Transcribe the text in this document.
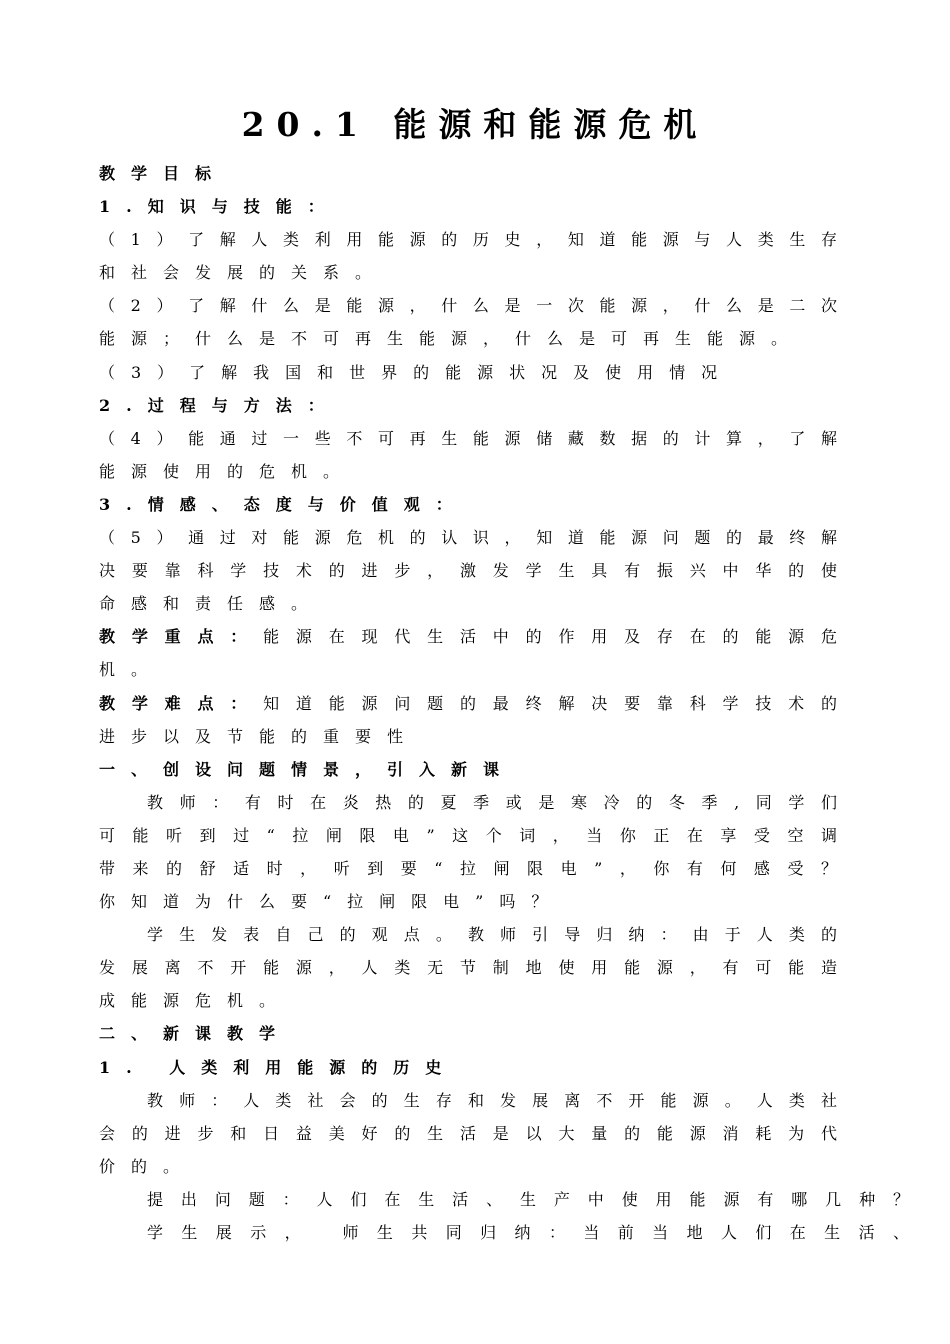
20.1 能源和能源危机
教学目标
1.知识与技能：
（1）了解人类利用能源的历史，知道能源与人类生存
和社会发展的关系。
（2）了解什么是能源，什么是一次能源，什么是二次
能源；什么是不可再生能源，什么是可再生能源。
（3）了解我国和世界的能源状况及使用情况
2.过程与方法：
（4）能通过一些不可再生能源储藏数据的计算，了解
能源使用的危机。
3.情感、态度与价值观：
（5）通过对能源危机的认识，知道能源问题的最终解
决要靠科学技术的进步，激发学生具有振兴中华的使
命感和责任感。
教学重点：能源在现代生活中的作用及存在的能源危
机。
教学难点：知道能源问题的最终解决要靠科学技术的
进步以及节能的重要性
一、创设问题情景，引入新课
教师：有时在炎热的夏季或是寒冷的冬季,同学们
可能听到过“拉闸限电”这个词，当你正在享受空调
带来的舒适时，听到要“拉闸限电”，你有何感受？
你知道为什么要“拉闸限电”吗？
学生发表自己的观点。教师引导归纳：由于人类的
发展离不开能源，人类无节制地使用能源，有可能造
成能源危机。
二、新课教学
1. 人类利用能源的历史
教师：人类社会的生存和发展离不开能源。人类社
会的进步和日益美好的生活是以大量的能源消耗为代
价的。
提出问题：人们在生活、生产中使用能源有哪几种？
学生展示， 师生共同归纳：当前当地人们在生活、
